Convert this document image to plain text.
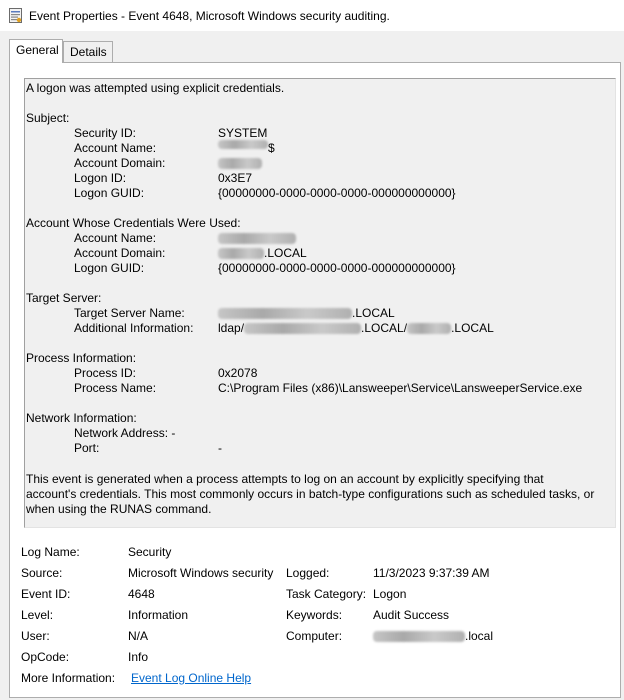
Event Properties - Event 4648, Microsoft Windows security auditing.
General Details
A logon was attempted using explicit credentials.
Subject:
Security ID:	SYSTEM
Account Name:	$
Account Domain:
Logon ID:	0x3E7
Logon GUID:	{00000000-0000-0000-0000-000000000000}
Account Whose Credentials Were Used:
Account Name:
Account Domain:	.LOCAL
Logon GUID:	{00000000-0000-0000-0000-000000000000}
Target Server:
Target Server Name:	.LOCAL
Additional Information: ldap/	.LOCAL/	.LOCAL
Process Information:
Process ID:	0x2078
Process Name:	C:\Program Files (x86)\Lansweeper\Service\LansweeperService.exe
Network Information:
Network Address: -
Port:	-
This event is generated when a process attempts to log on an account by explicitly specifying that account's credentials. This most commonly occurs in batch-type configurations such as scheduled tasks, or when using the RUNAS command.
Log Name:	Security
Source:	Microsoft Windows security Logged:	11/3/2023 9:37:39 AM
Event ID:	4648	Task Category: Logon
Level:	Information	Keywords:	Audit Success
User:	N/A	Computer:	.local
OpCode:	Info
More Information: Event Log Online Help
